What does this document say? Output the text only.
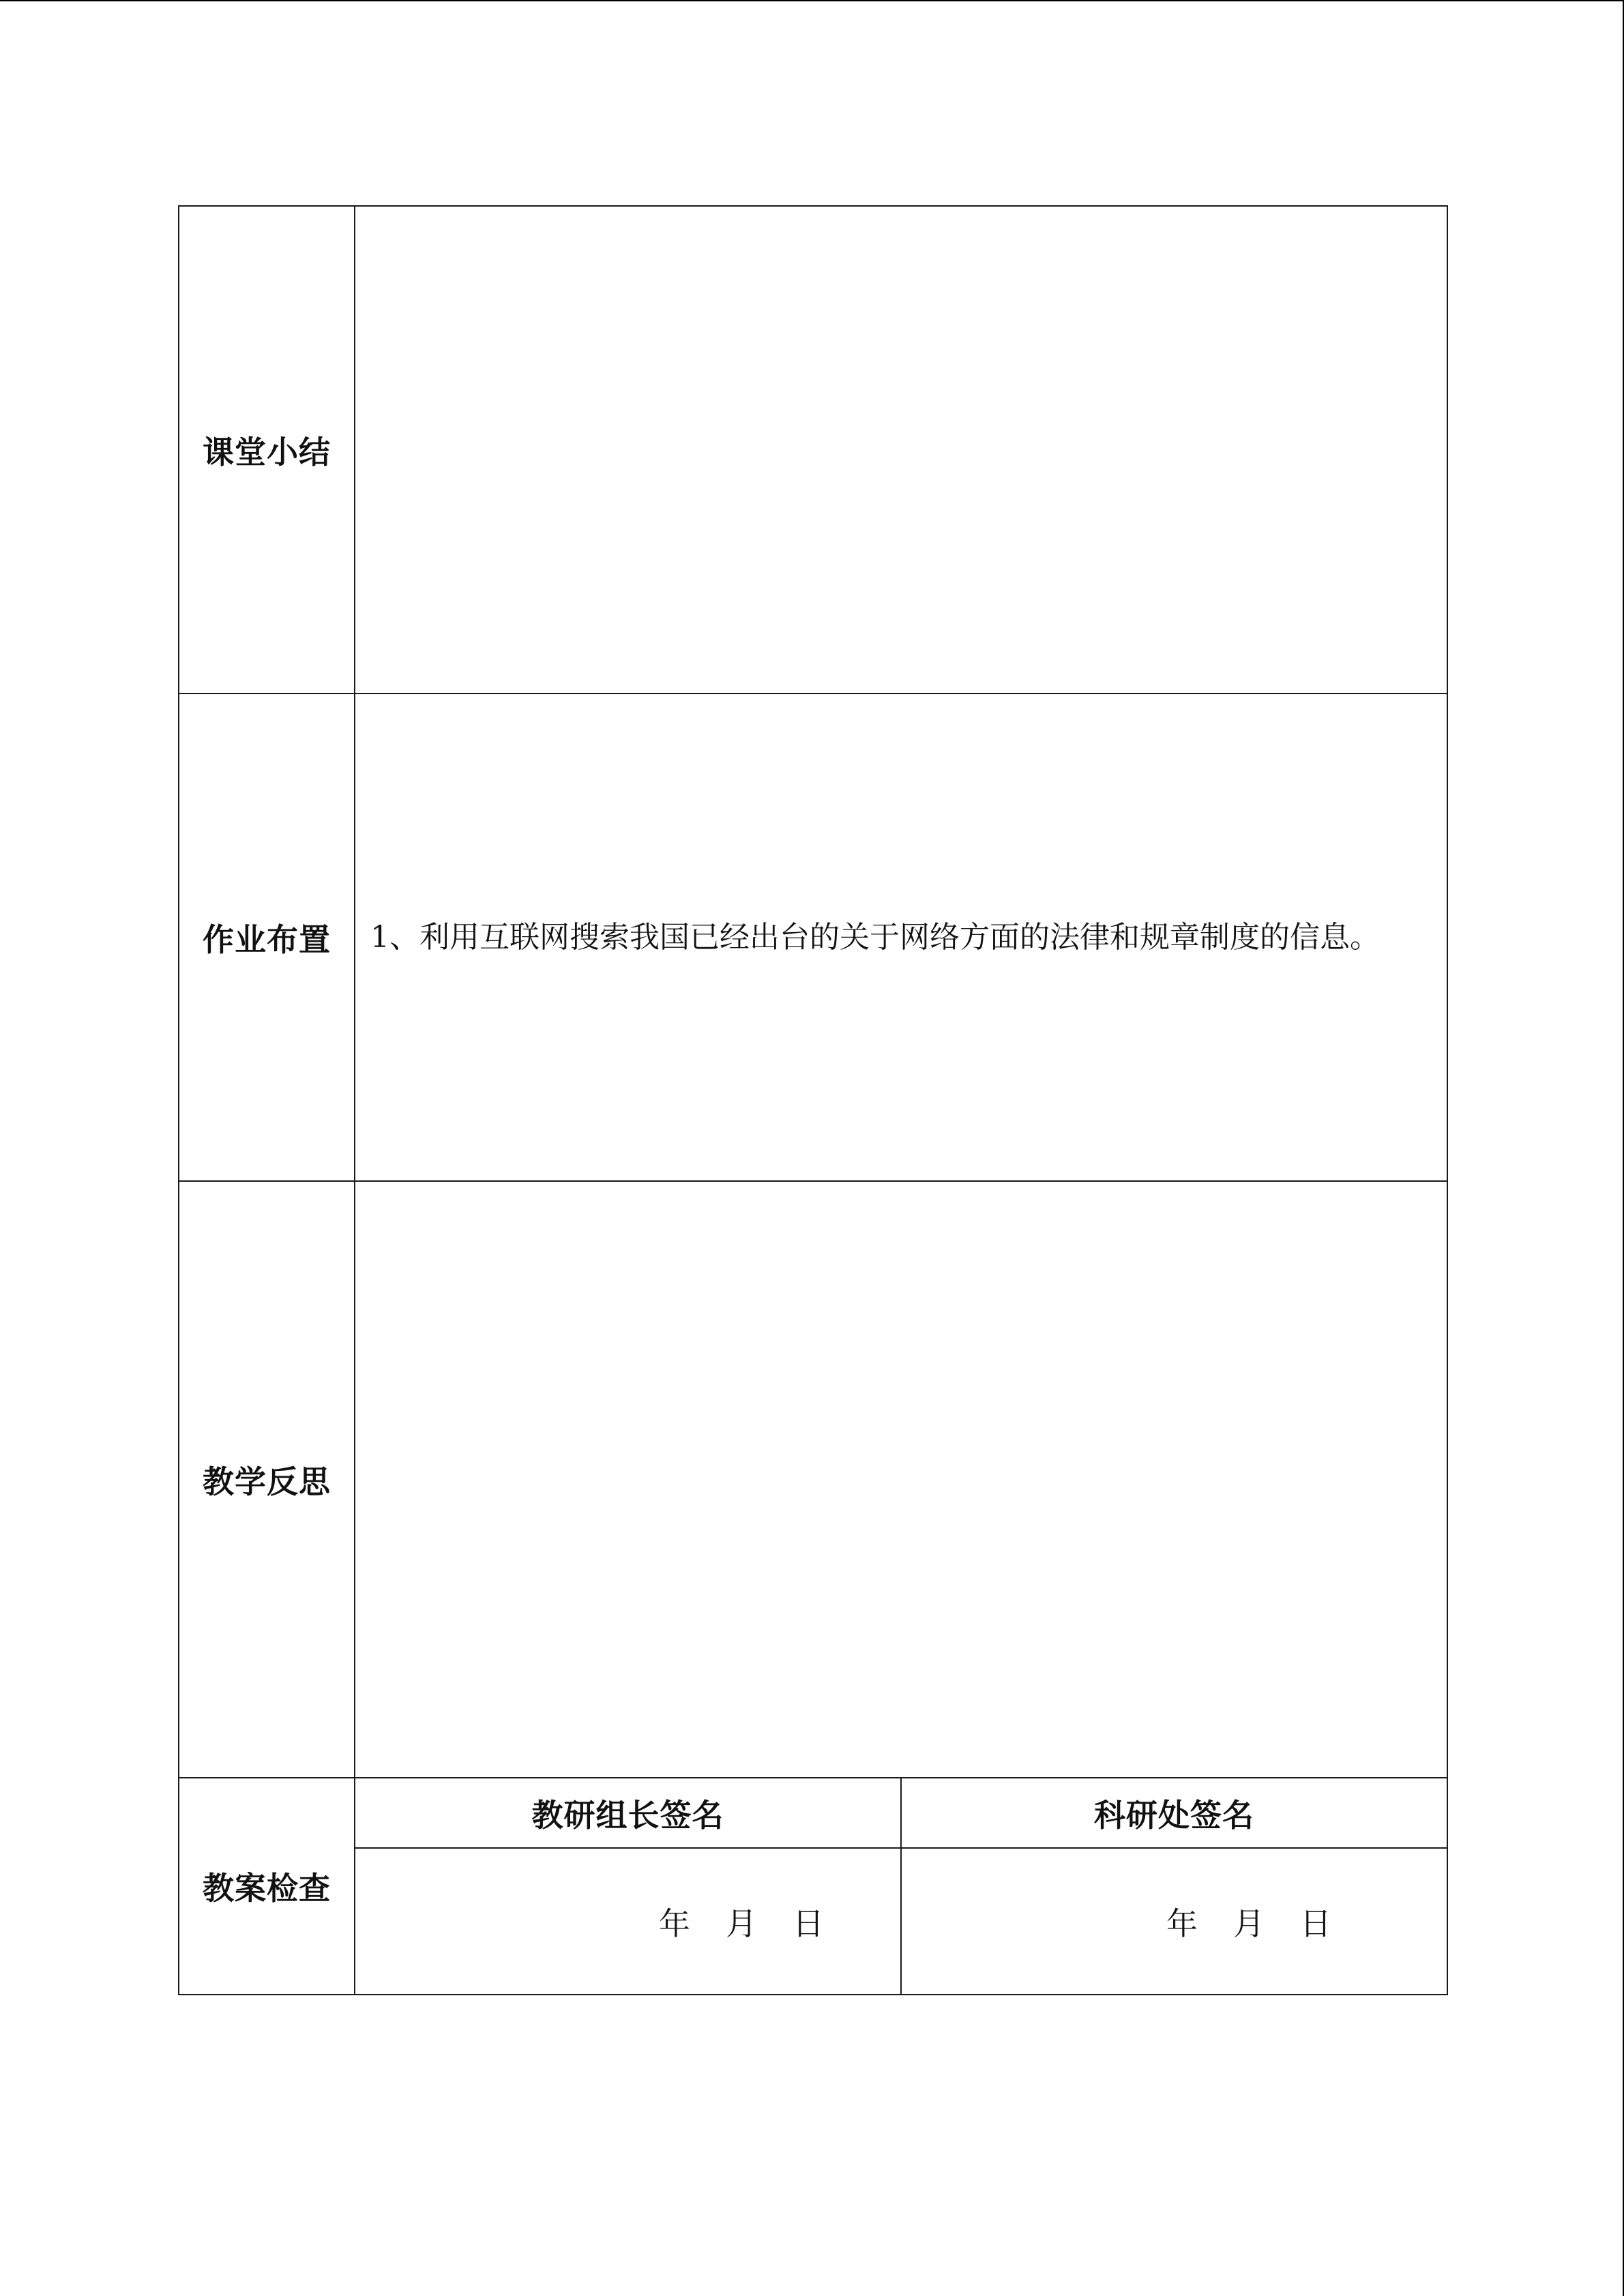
课堂小结		
作业布置	1、利用互联网搜索我国已经出台的关于网络方面的法律和规章制度的信息。	
教学反思		
教案检查	教研组长签名	科研处签名

	年 月 日	年 月 日
